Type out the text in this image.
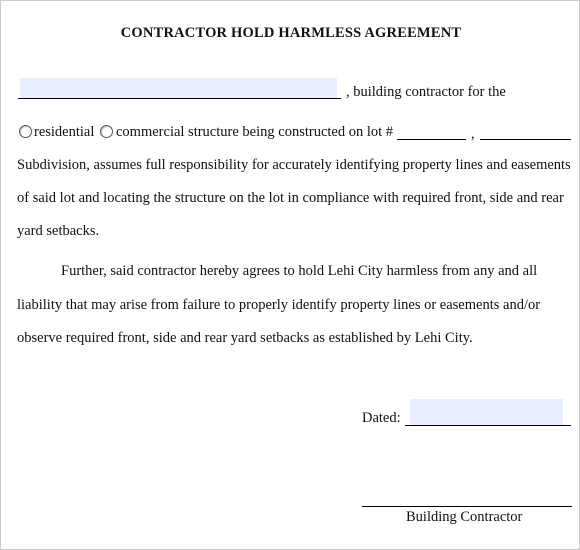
CONTRACTOR HOLD HARMLESS AGREEMENT
, building contractor for the
residential commercial structure being constructed on lot #	,
Subdivision, assumes full responsibility for accurately identifying property lines and easements
of said lot and locating the structure on the lot in compliance with required front, side and rear
yard setbacks.
Further, said contractor hereby agrees to hold Lehi City harmless from any and all
liability that may arise from failure to properly identify property lines or easements and/or
observe required front, side and rear yard setbacks as established by Lehi City.
Dated:
Building Contractor
